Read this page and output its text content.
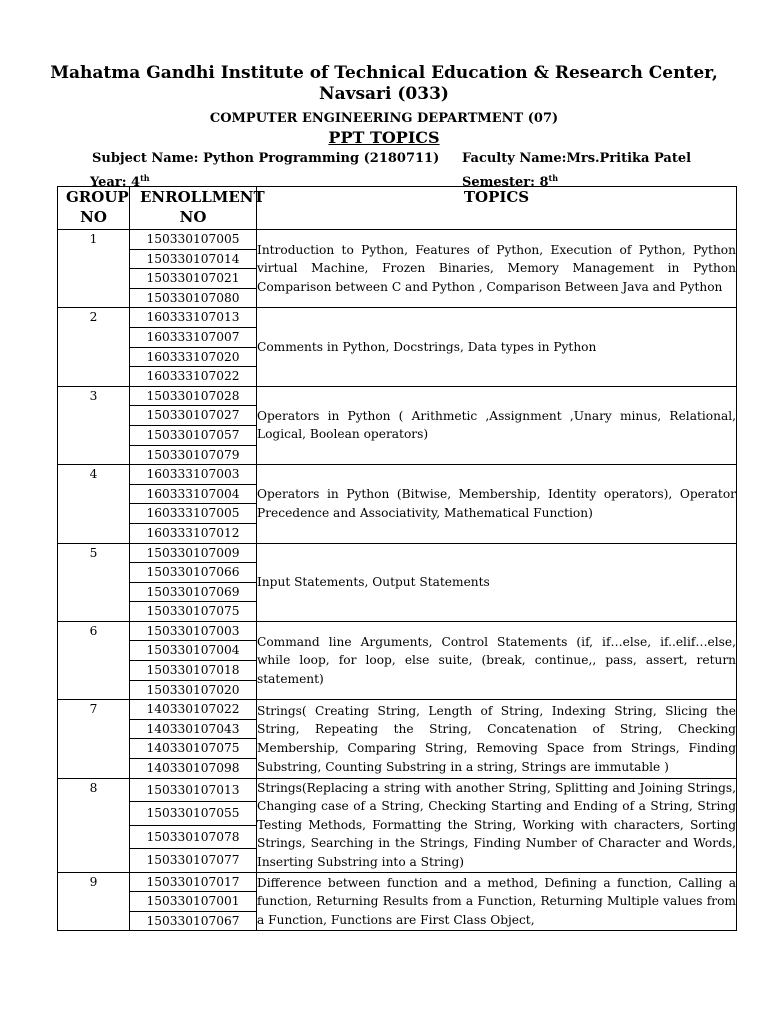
Mahatma Gandhi Institute of Technical Education & Research Center,
Navsari (033)
COMPUTER ENGINEERING DEPARTMENT (07)
PPT TOPICS
Subject Name: Python Programming (2180711) Faculty Name:Mrs.Pritika Patel
Year: 4th	Semester: 8th
GROUP NO	ENROLLMENT NO	TOPICS
1	150330107005	Introduction to Python, Features of Python, Execution of Python, Python virtual Machine, Frozen Binaries, Memory Management in Python Comparison between C and Python , Comparison Between Java and Python
	150330107014	
	150330107021	
	150330107080	
2	160333107013	Comments in Python, Docstrings, Data types in Python
	160333107007	
	160333107020	
	160333107022	
3	150330107028	Operators in Python ( Arithmetic ,Assignment ,Unary minus, Relational, Logical, Boolean operators)
	150330107027	
	150330107057	
	150330107079	
4	160333107003	Operators in Python (Bitwise, Membership, Identity operators), Operator Precedence and Associativity, Mathematical Function)
	160333107004	
	160333107005	
	160333107012	
5	150330107009	Input Statements, Output Statements
	150330107066	
	150330107069	
	150330107075	
6	150330107003	Command line Arguments, Control Statements (if, if…else, if..elif…else, while loop, for loop, else suite, (break, continue,, pass, assert, return statement)
	150330107004	
	150330107018	
	150330107020	
7	140330107022	Strings( Creating String, Length of String, Indexing String, Slicing the String, Repeating the String, Concatenation of String, Checking Membership, Comparing String, Removing Space from Strings, Finding Substring, Counting Substring in a string, Strings are immutable )
	140330107043	
	140330107075	
	140330107098	
8	150330107013	Strings(Replacing a string with another String, Splitting and Joining Strings, Changing case of a String, Checking Starting and Ending of a String, String Testing Methods, Formatting the String, Working with characters, Sorting Strings, Searching in the Strings, Finding Number of Character and Words, Inserting Substring into a String)
	150330107055	
	150330107078	
	150330107077	
9	150330107017	Difference between function and a method, Defining a function, Calling a function, Returning Results from a Function, Returning Multiple values from a Function, Functions are First Class Object,
	150330107001	
	150330107067	
